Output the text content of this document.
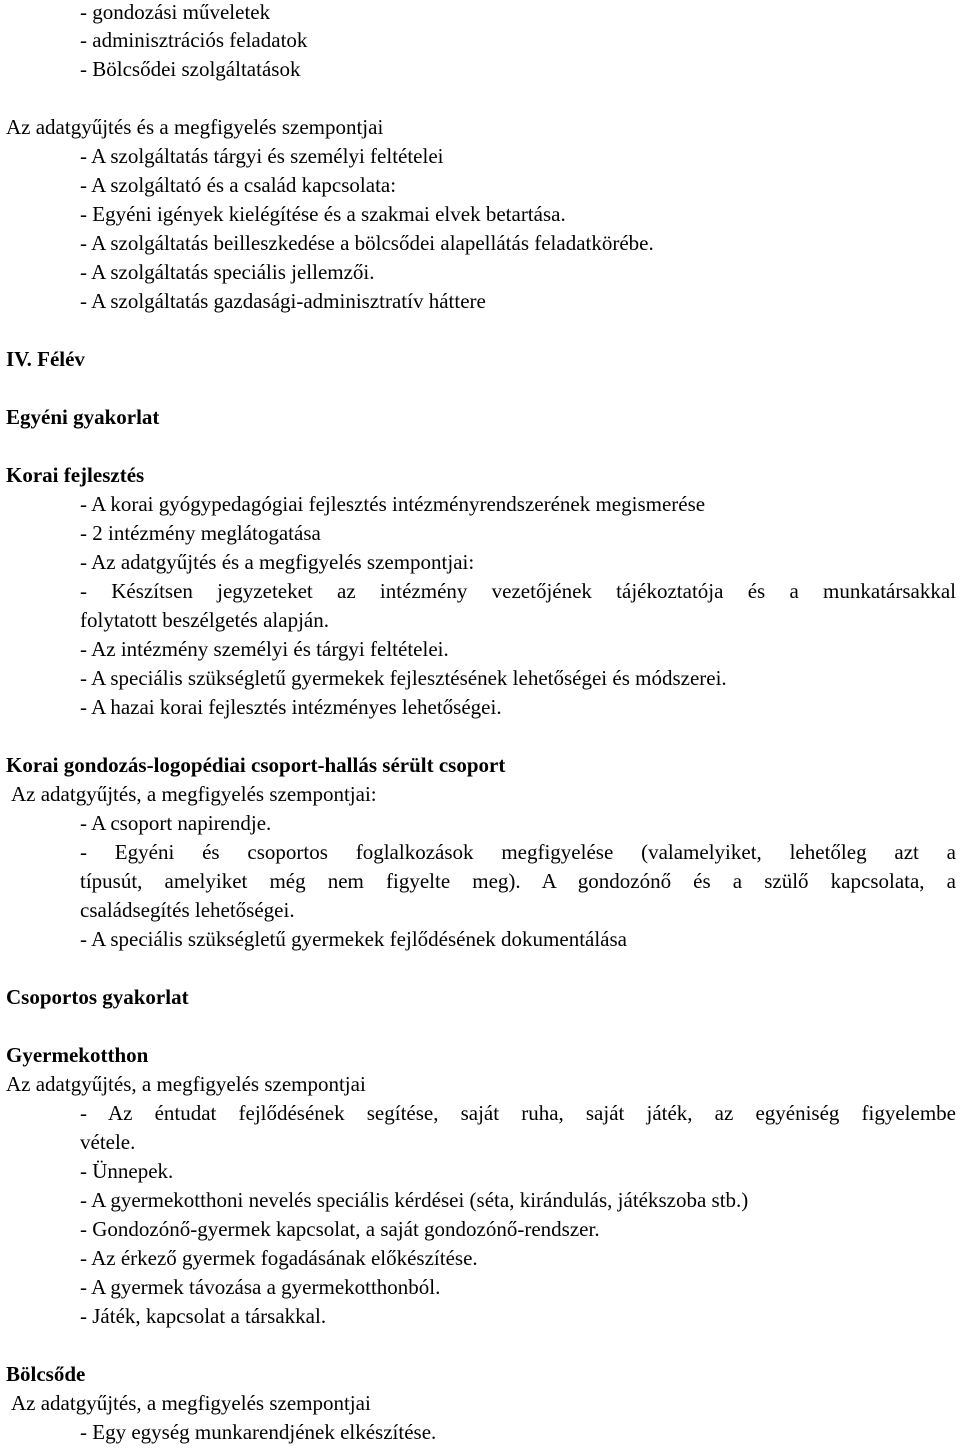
- gondozási műveletek
- adminisztrációs feladatok
- Bölcsődei szolgáltatások
Az adatgyűjtés és a megfigyelés szempontjai
- A szolgáltatás tárgyi és személyi feltételei
- A szolgáltató és a család kapcsolata:
- Egyéni igények kielégítése és a szakmai elvek betartása.
- A szolgáltatás beilleszkedése a bölcsődei alapellátás feladatkörébe.
- A szolgáltatás speciális jellemzői.
- A szolgáltatás gazdasági-adminisztratív háttere
IV. Félév
Egyéni gyakorlat
Korai fejlesztés
- A korai gyógypedagógiai fejlesztés intézményrendszerének megismerése
- 2 intézmény meglátogatása
- Az adatgyűjtés és a megfigyelés szempontjai:
- Készítsen jegyzeteket az intézmény vezetőjének tájékoztatója és a munkatársakkal
folytatott beszélgetés alapján.
- Az intézmény személyi és tárgyi feltételei.
- A speciális szükségletű gyermekek fejlesztésének lehetőségei és módszerei.
- A hazai korai fejlesztés intézményes lehetőségei.
Korai gondozás-logopédiai csoport-hallás sérült csoport
Az adatgyűjtés, a megfigyelés szempontjai:
- A csoport napirendje.
- Egyéni és csoportos foglalkozások megfigyelése (valamelyiket, lehetőleg azt a
típusút, amelyiket még nem figyelte meg). A gondozónő és a szülő kapcsolata, a
családsegítés lehetőségei.
- A speciális szükségletű gyermekek fejlődésének dokumentálása
Csoportos gyakorlat
Gyermekotthon
Az adatgyűjtés, a megfigyelés szempontjai
- Az éntudat fejlődésének segítése, saját ruha, saját játék, az egyéniség figyelembe
vétele.
- Ünnepek.
- A gyermekotthoni nevelés speciális kérdései (séta, kirándulás, játékszoba stb.)
- Gondozónő-gyermek kapcsolat, a saját gondozónő-rendszer.
- Az érkező gyermek fogadásának előkészítése.
- A gyermek távozása a gyermekotthonból.
- Játék, kapcsolat a társakkal.
Bölcsőde
Az adatgyűjtés, a megfigyelés szempontjai
- Egy egység munkarendjének elkészítése.
